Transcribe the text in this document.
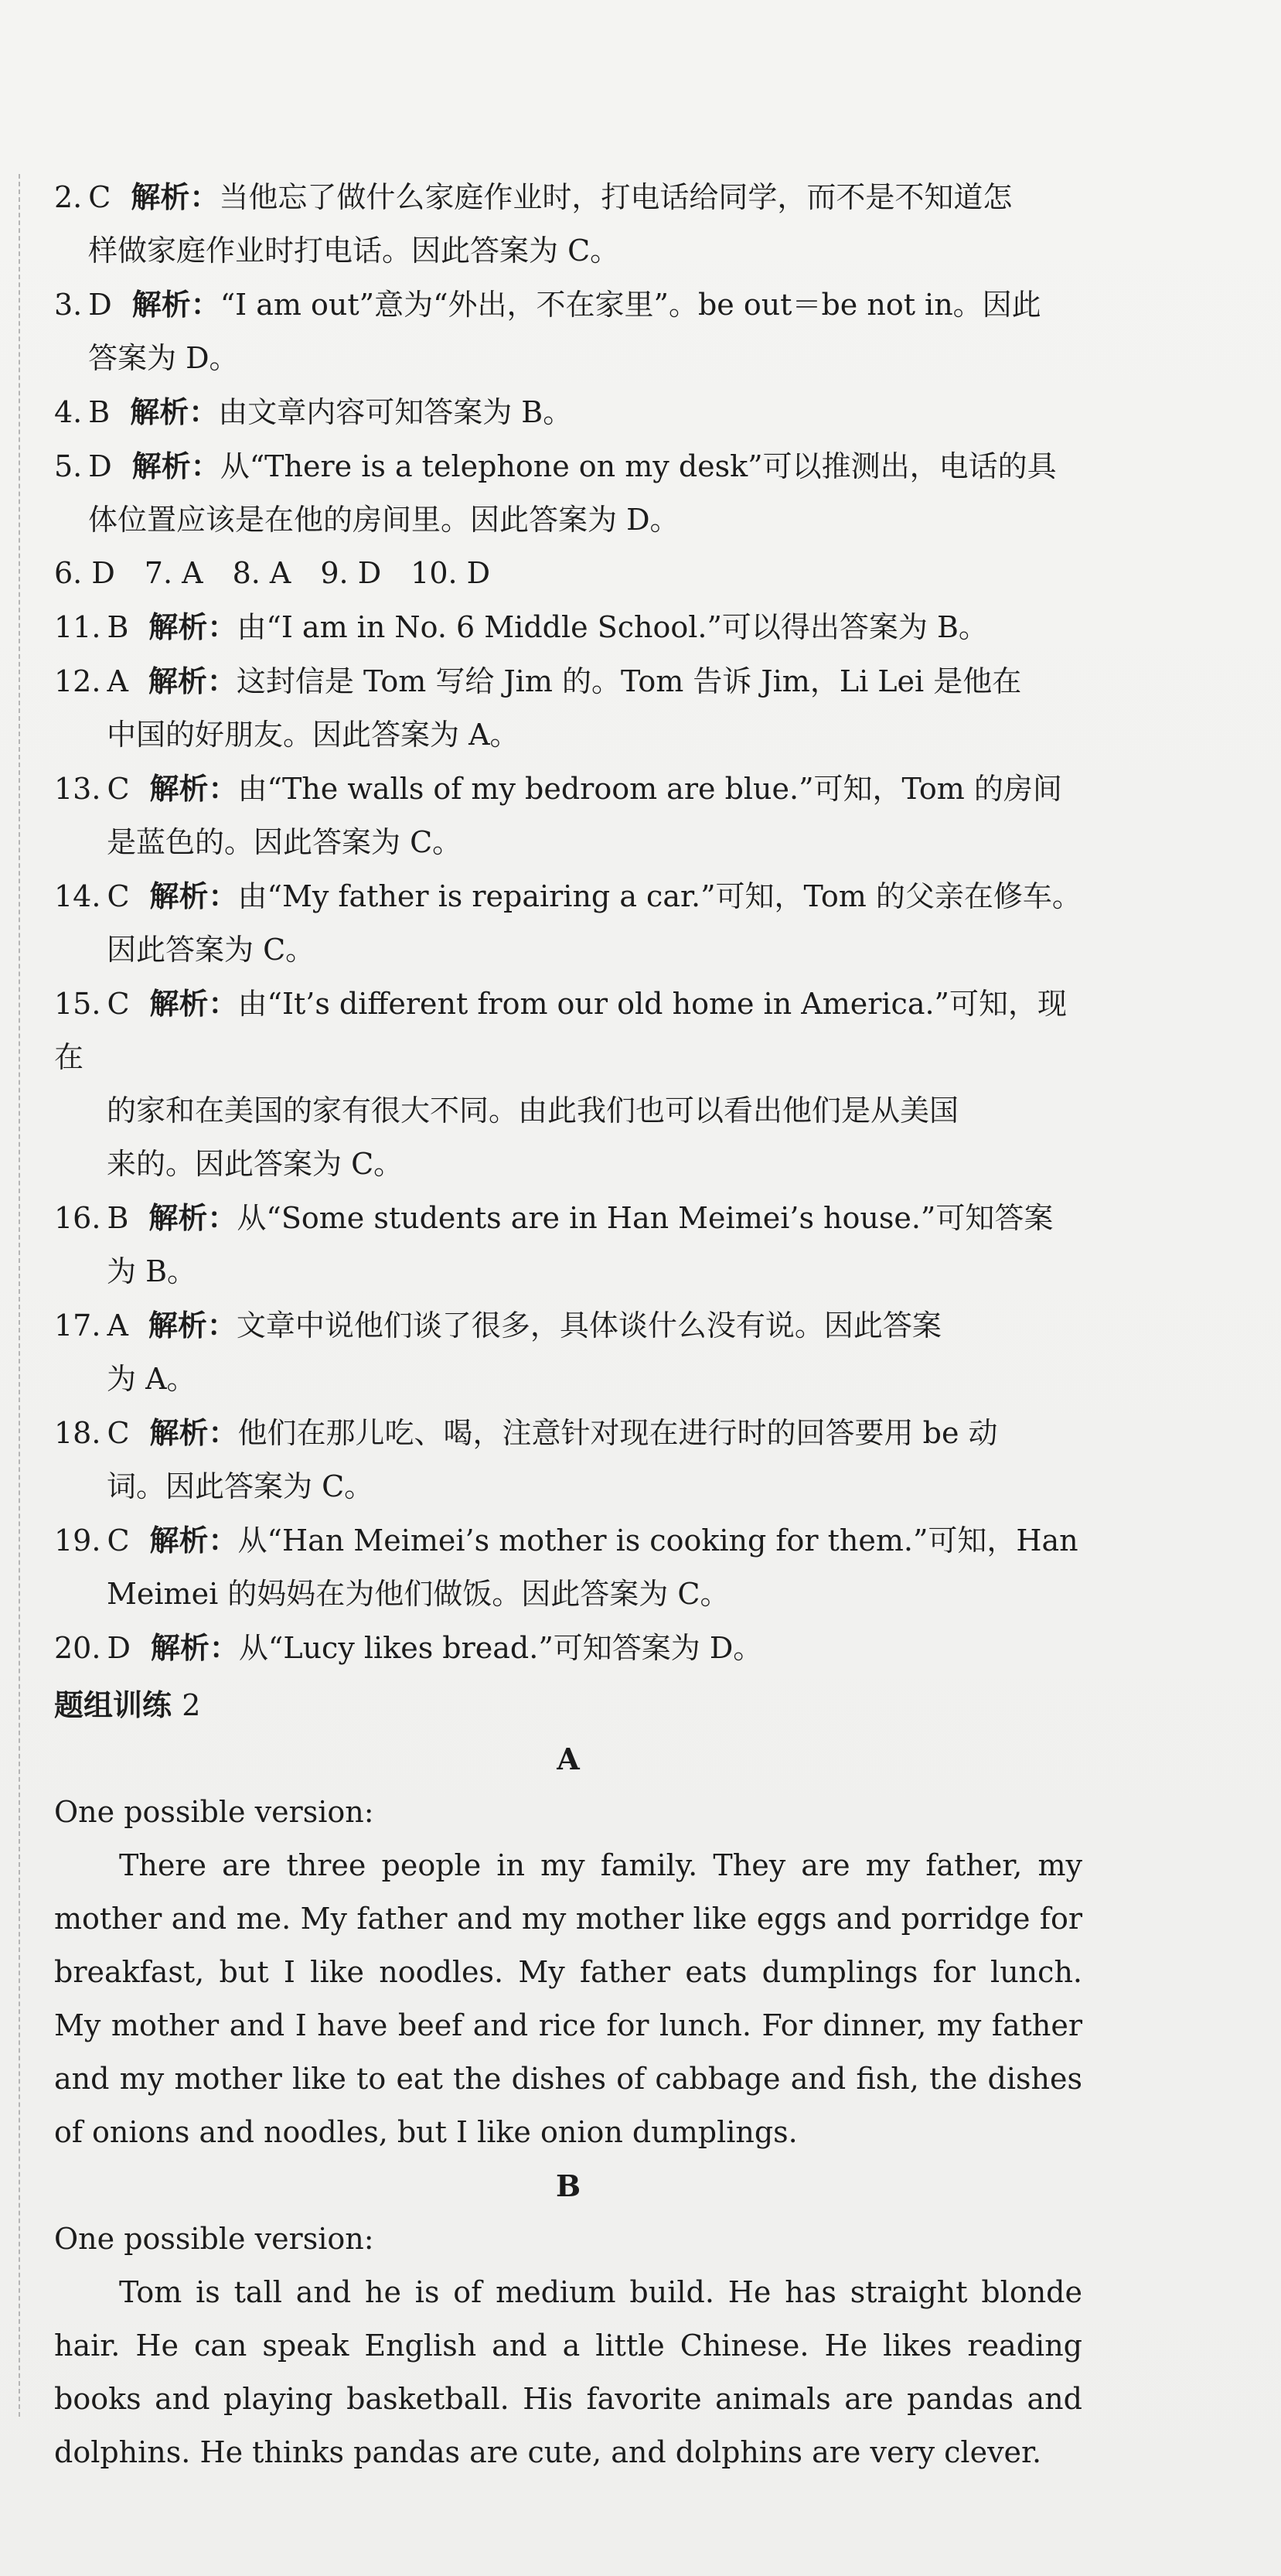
2. C 解析：当他忘了做什么家庭作业时，打电话给同学，而不是不知道怎
样做家庭作业时打电话。因此答案为 C。
3. D 解析：“I am out”意为“外出，不在家里”。be out＝be not in。因此
答案为 D。
4. B 解析：由文章内容可知答案为 B。
5. D 解析：从“There is a telephone on my desk”可以推测出，电话的具
体位置应该是在他的房间里。因此答案为 D。
6. D　7. A　8. A　9. D　10. D
11. B 解析：由“I am in No. 6 Middle School.”可以得出答案为 B。
12. A 解析：这封信是 Tom 写给 Jim 的。Tom 告诉 Jim，Li Lei 是他在
中国的好朋友。因此答案为 A。
13. C 解析：由“The walls of my bedroom are blue.”可知，Tom 的房间
是蓝色的。因此答案为 C。
14. C 解析：由“My father is repairing a car.”可知，Tom 的父亲在修车。
因此答案为 C。
15. C 解析：由“It’s different from our old home in America.”可知，现在
的家和在美国的家有很大不同。由此我们也可以看出他们是从美国
来的。因此答案为 C。
16. B 解析：从“Some students are in Han Meimei’s house.”可知答案
为 B。
17. A 解析：文章中说他们谈了很多，具体谈什么没有说。因此答案
为 A。
18. C 解析：他们在那儿吃、喝，注意针对现在进行时的回答要用 be 动
词。因此答案为 C。
19. C 解析：从“Han Meimei’s mother is cooking for them.”可知，Han
Meimei 的妈妈在为他们做饭。因此答案为 C。
20. D 解析：从“Lucy likes bread.”可知答案为 D。
题组训练 2
A
One possible version:
There are three people in my family. They are my father, my mother and me. My father and my mother like eggs and porridge for breakfast, but I like noodles. My father eats dumplings for lunch. My mother and I have beef and rice for lunch. For dinner, my father and my mother like to eat the dishes of cabbage and fish, the dishes of onions and noodles, but I like onion dumplings.
B
One possible version:
Tom is tall and he is of medium build. He has straight blonde hair. He can speak English and a little Chinese. He likes reading books and playing basketball. His favorite animals are pandas and dolphins. He thinks pandas are cute, and dolphins are very clever.
